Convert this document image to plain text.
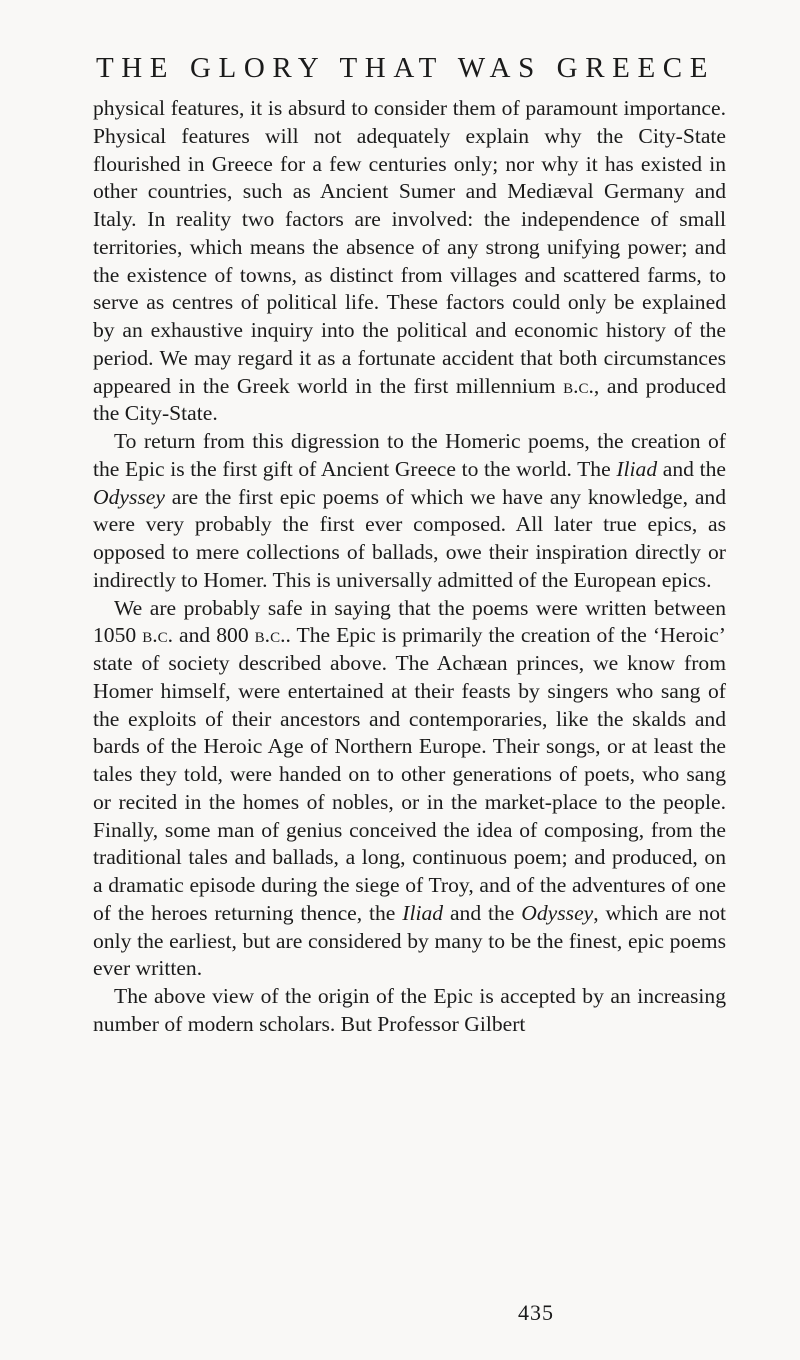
THE GLORY THAT WAS GREECE

physical features, it is absurd to consider them of paramount importance. Physical features will not adequately explain why the City-State flourished in Greece for a few centuries only; nor why it has existed in other countries, such as Ancient Sumer and Mediæval Germany and Italy. In reality two factors are involved: the independence of small territories, which means the absence of any strong unifying power; and the existence of towns, as distinct from villages and scattered farms, to serve as centres of political life. These factors could only be explained by an exhaustive inquiry into the political and economic history of the period. We may regard it as a fortunate accident that both circumstances appeared in the Greek world in the first millennium b.c., and produced the City-State.

To return from this digression to the Homeric poems, the creation of the Epic is the first gift of Ancient Greece to the world. The Iliad and the Odyssey are the first epic poems of which we have any knowledge, and were very probably the first ever composed. All later true epics, as opposed to mere collections of ballads, owe their inspiration directly or indirectly to Homer. This is universally admitted of the European epics.

We are probably safe in saying that the poems were written between 1050 b.c. and 800 b.c.. The Epic is primarily the creation of the ‘Heroic’ state of society described above. The Achæan princes, we know from Homer himself, were entertained at their feasts by singers who sang of the exploits of their ancestors and contemporaries, like the skalds and bards of the Heroic Age of Northern Europe. Their songs, or at least the tales they told, were handed on to other generations of poets, who sang or recited in the homes of nobles, or in the market-place to the people. Finally, some man of genius conceived the idea of composing, from the traditional tales and ballads, a long, continuous poem; and produced, on a dramatic episode during the siege of Troy, and of the adventures of one of the heroes returning thence, the Iliad and the Odyssey, which are not only the earliest, but are considered by many to be the finest, epic poems ever written.

The above view of the origin of the Epic is accepted by an increasing number of modern scholars. But Professor Gilbert

435
